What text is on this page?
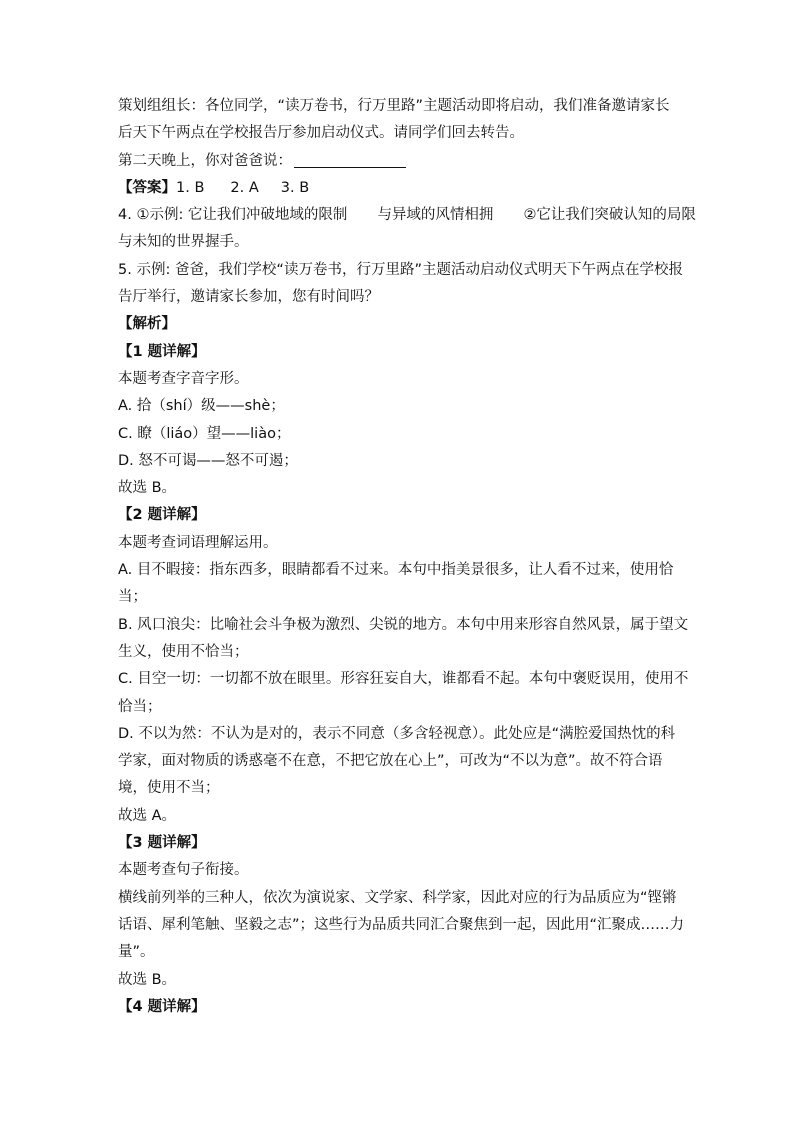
策划组组长：各位同学，“读万卷书，行万里路”主题活动即将启动，我们准备邀请家长
后天下午两点在学校报告厅参加启动仪式。请同学们回去转告。
第二天晚上，你对爸爸说：
【答案】1. B 2. A 3. B
4. ①示例: 它让我们冲破地域的限制 与异域的风情相拥 ②它让我们突破认知的局限
与未知的世界握手。
5. 示例: 爸爸，我们学校“读万卷书，行万里路”主题活动启动仪式明天下午两点在学校报
告厅举行，邀请家长参加，您有时间吗？
【解析】
【1 题详解】
本题考查字音字形。
A. 拾（shí）级——shè；
C. 瞭（liáo）望——liào；
D. 怒不可谒——怒不可遏；
故选 B。
【2 题详解】
本题考查词语理解运用。
A. 目不暇接：指东西多，眼睛都看不过来。本句中指美景很多，让人看不过来，使用恰
当；
B. 风口浪尖：比喻社会斗争极为激烈、尖锐的地方。本句中用来形容自然风景，属于望文
生义，使用不恰当；
C. 目空一切：一切都不放在眼里。形容狂妄自大，谁都看不起。本句中褒贬误用，使用不
恰当；
D. 不以为然：不认为是对的，表示不同意（多含轻视意）。此处应是“满腔爱国热忱的科
学家，面对物质的诱惑毫不在意，不把它放在心上”，可改为“不以为意”。故不符合语
境，使用不当；
故选 A。
【3 题详解】
本题考查句子衔接。
横线前列举的三种人，依次为演说家、文学家、科学家，因此对应的行为品质应为“铿锵
话语、犀利笔触、坚毅之志”；这些行为品质共同汇合聚焦到一起，因此用“汇聚成……力
量”。
故选 B。
【4 题详解】
